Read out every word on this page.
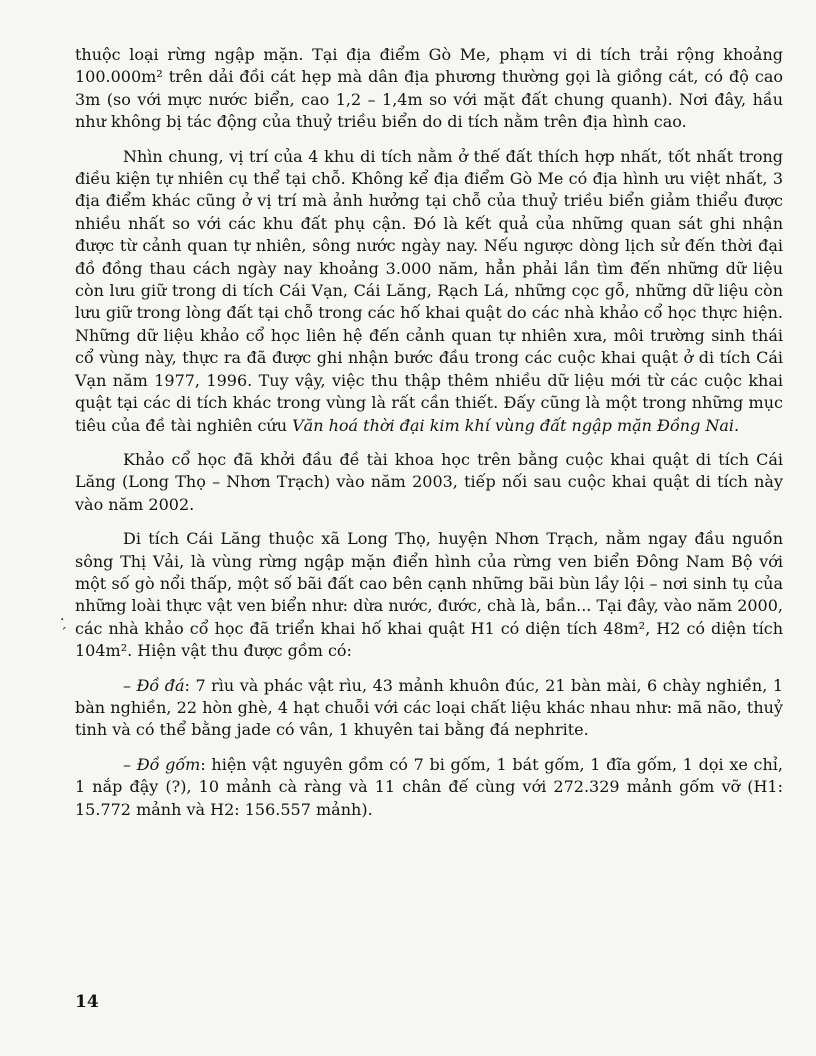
thuộc loại rừng ngập mặn. Tại địa điểm Gò Me, phạm vi di tích trải rộng khoảng 100.000m² trên dải đồi cát hẹp mà dân địa phương thường gọi là giồng cát, có độ cao 3m (so với mực nước biển, cao 1,2 – 1,4m so với mặt đất chung quanh). Nơi đây, hầu như không bị tác động của thuỷ triều biển do di tích nằm trên địa hình cao.

Nhìn chung, vị trí của 4 khu di tích nằm ở thế đất thích hợp nhất, tốt nhất trong điều kiện tự nhiên cụ thể tại chỗ. Không kể địa điểm Gò Me có địa hình ưu việt nhất, 3 địa điểm khác cũng ở vị trí mà ảnh hưởng tại chỗ của thuỷ triều biển giảm thiểu được nhiều nhất so với các khu đất phụ cận. Đó là kết quả của những quan sát ghi nhận được từ cảnh quan tự nhiên, sông nước ngày nay. Nếu ngược dòng lịch sử đến thời đại đồ đồng thau cách ngày nay khoảng 3.000 năm, hẳn phải lần tìm đến những dữ liệu còn lưu giữ trong di tích Cái Vạn, Cái Lăng, Rạch Lá, những cọc gỗ, những dữ liệu còn lưu giữ trong lòng đất tại chỗ trong các hố khai quật do các nhà khảo cổ học thực hiện. Những dữ liệu khảo cổ học liên hệ đến cảnh quan tự nhiên xưa, môi trường sinh thái cổ vùng này, thực ra đã được ghi nhận bước đầu trong các cuộc khai quật ở di tích Cái Vạn năm 1977, 1996. Tuy vậy, việc thu thập thêm nhiều dữ liệu mới từ các cuộc khai quật tại các di tích khác trong vùng là rất cần thiết. Đấy cũng là một trong những mục tiêu của đề tài nghiên cứu Văn hoá thời đại kim khí vùng đất ngập mặn Đồng Nai.

Khảo cổ học đã khởi đầu đề tài khoa học trên bằng cuộc khai quật di tích Cái Lăng (Long Thọ – Nhơn Trạch) vào năm 2003, tiếp nối sau cuộc khai quật di tích này vào năm 2002.

Di tích Cái Lăng thuộc xã Long Thọ, huyện Nhơn Trạch, nằm ngay đầu nguồn sông Thị Vải, là vùng rừng ngập mặn điển hình của rừng ven biển Đông Nam Bộ với một số gò nổi thấp, một số bãi đất cao bên cạnh những bãi bùn lầy lội – nơi sinh tụ của những loài thực vật ven biển như: dừa nước, đước, chà là, bần... Tại đây, vào năm 2000, các nhà khảo cổ học đã triển khai hố khai quật H1 có diện tích 48m², H2 có diện tích 104m². Hiện vật thu được gồm có:

– Đồ đá: 7 rìu và phác vật rìu, 43 mảnh khuôn đúc, 21 bàn mài, 6 chày nghiền, 1 bàn nghiền, 22 hòn ghè, 4 hạt chuỗi với các loại chất liệu khác nhau như: mã não, thuỷ tinh và có thể bằng jade có vân, 1 khuyên tai bằng đá nephrite.

– Đồ gốm: hiện vật nguyên gồm có 7 bi gốm, 1 bát gốm, 1 đĩa gốm, 1 dọi xe chỉ, 1 nắp đậy (?), 10 mảnh cà ràng và 11 chân đế cùng với 272.329 mảnh gốm vỡ (H1: 15.772 mảnh và H2: 156.557 mảnh).

.
ˊ
14
